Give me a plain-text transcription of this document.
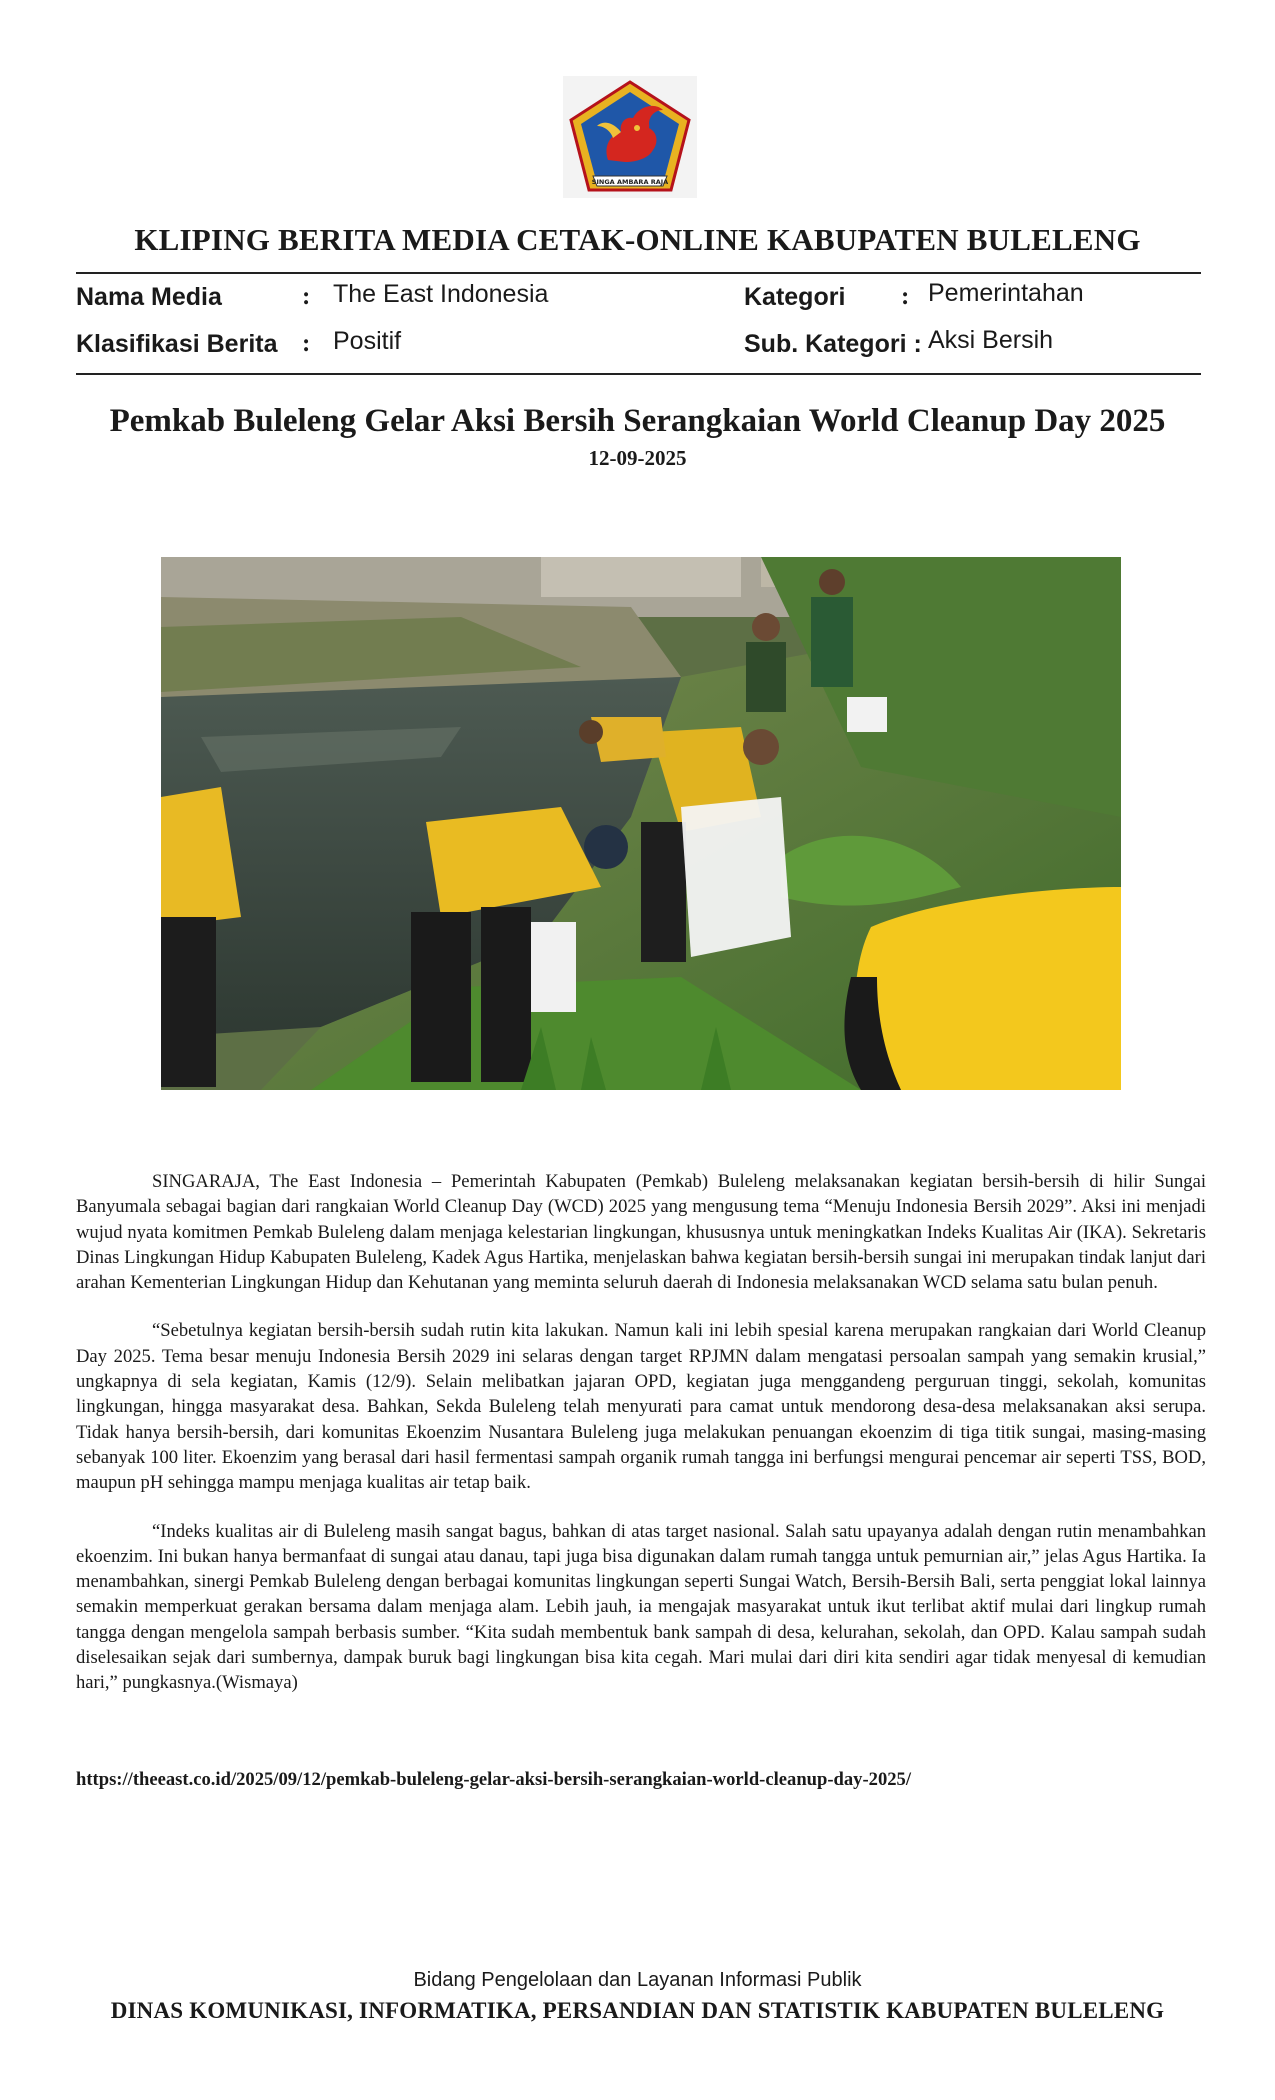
SINGA AMBARA RAJA
KLIPING BERITA MEDIA CETAK-ONLINE KABUPATEN BULELENG
Nama Media	: The East Indonesia	Kategori : Pemerintahan
Klasifikasi Berita : Positif	Sub. Kategori : Aksi Bersih
Pemkab Buleleng Gelar Aksi Bersih Serangkaian World Cleanup Day 2025
12-09-2025

SINGARAJA, The East Indonesia – Pemerintah Kabupaten (Pemkab) Buleleng melaksanakan kegiatan bersih-bersih di hilir Sungai Banyumala sebagai bagian dari rangkaian World Cleanup Day (WCD) 2025 yang mengusung tema “Menuju Indonesia Bersih 2029”. Aksi ini menjadi wujud nyata komitmen Pemkab Buleleng dalam menjaga kelestarian lingkungan, khususnya untuk meningkatkan Indeks Kualitas Air (IKA). Sekretaris Dinas Lingkungan Hidup Kabupaten Buleleng, Kadek Agus Hartika, menjelaskan bahwa kegiatan bersih-bersih sungai ini merupakan tindak lanjut dari arahan Kementerian Lingkungan Hidup dan Kehutanan yang meminta seluruh daerah di Indonesia melaksanakan WCD selama satu bulan penuh.

“Sebetulnya kegiatan bersih-bersih sudah rutin kita lakukan. Namun kali ini lebih spesial karena merupakan rangkaian dari World Cleanup Day 2025. Tema besar menuju Indonesia Bersih 2029 ini selaras dengan target RPJMN dalam mengatasi persoalan sampah yang semakin krusial,” ungkapnya di sela kegiatan, Kamis (12/9). Selain melibatkan jajaran OPD, kegiatan juga menggandeng perguruan tinggi, sekolah, komunitas lingkungan, hingga masyarakat desa. Bahkan, Sekda Buleleng telah menyurati para camat untuk mendorong desa-desa melaksanakan aksi serupa. Tidak hanya bersih-bersih, dari komunitas Ekoenzim Nusantara Buleleng juga melakukan penuangan ekoenzim di tiga titik sungai, masing-masing sebanyak 100 liter. Ekoenzim yang berasal dari hasil fermentasi sampah organik rumah tangga ini berfungsi mengurai pencemar air seperti TSS, BOD, maupun pH sehingga mampu menjaga kualitas air tetap baik.

“Indeks kualitas air di Buleleng masih sangat bagus, bahkan di atas target nasional. Salah satu upayanya adalah dengan rutin menambahkan ekoenzim. Ini bukan hanya bermanfaat di sungai atau danau, tapi juga bisa digunakan dalam rumah tangga untuk pemurnian air,” jelas Agus Hartika. Ia menambahkan, sinergi Pemkab Buleleng dengan berbagai komunitas lingkungan seperti Sungai Watch, Bersih-Bersih Bali, serta penggiat lokal lainnya semakin memperkuat gerakan bersama dalam menjaga alam. Lebih jauh, ia mengajak masyarakat untuk ikut terlibat aktif mulai dari lingkup rumah tangga dengan mengelola sampah berbasis sumber. “Kita sudah membentuk bank sampah di desa, kelurahan, sekolah, dan OPD. Kalau sampah sudah diselesaikan sejak dari sumbernya, dampak buruk bagi lingkungan bisa kita cegah. Mari mulai dari diri kita sendiri agar tidak menyesal di kemudian hari,” pungkasnya.(Wismaya)

https://theeast.co.id/2025/09/12/pemkab-buleleng-gelar-aksi-bersih-serangkaian-world-cleanup-day-2025/
Bidang Pengelolaan dan Layanan Informasi Publik
DINAS KOMUNIKASI, INFORMATIKA, PERSANDIAN DAN STATISTIK KABUPATEN BULELENG
